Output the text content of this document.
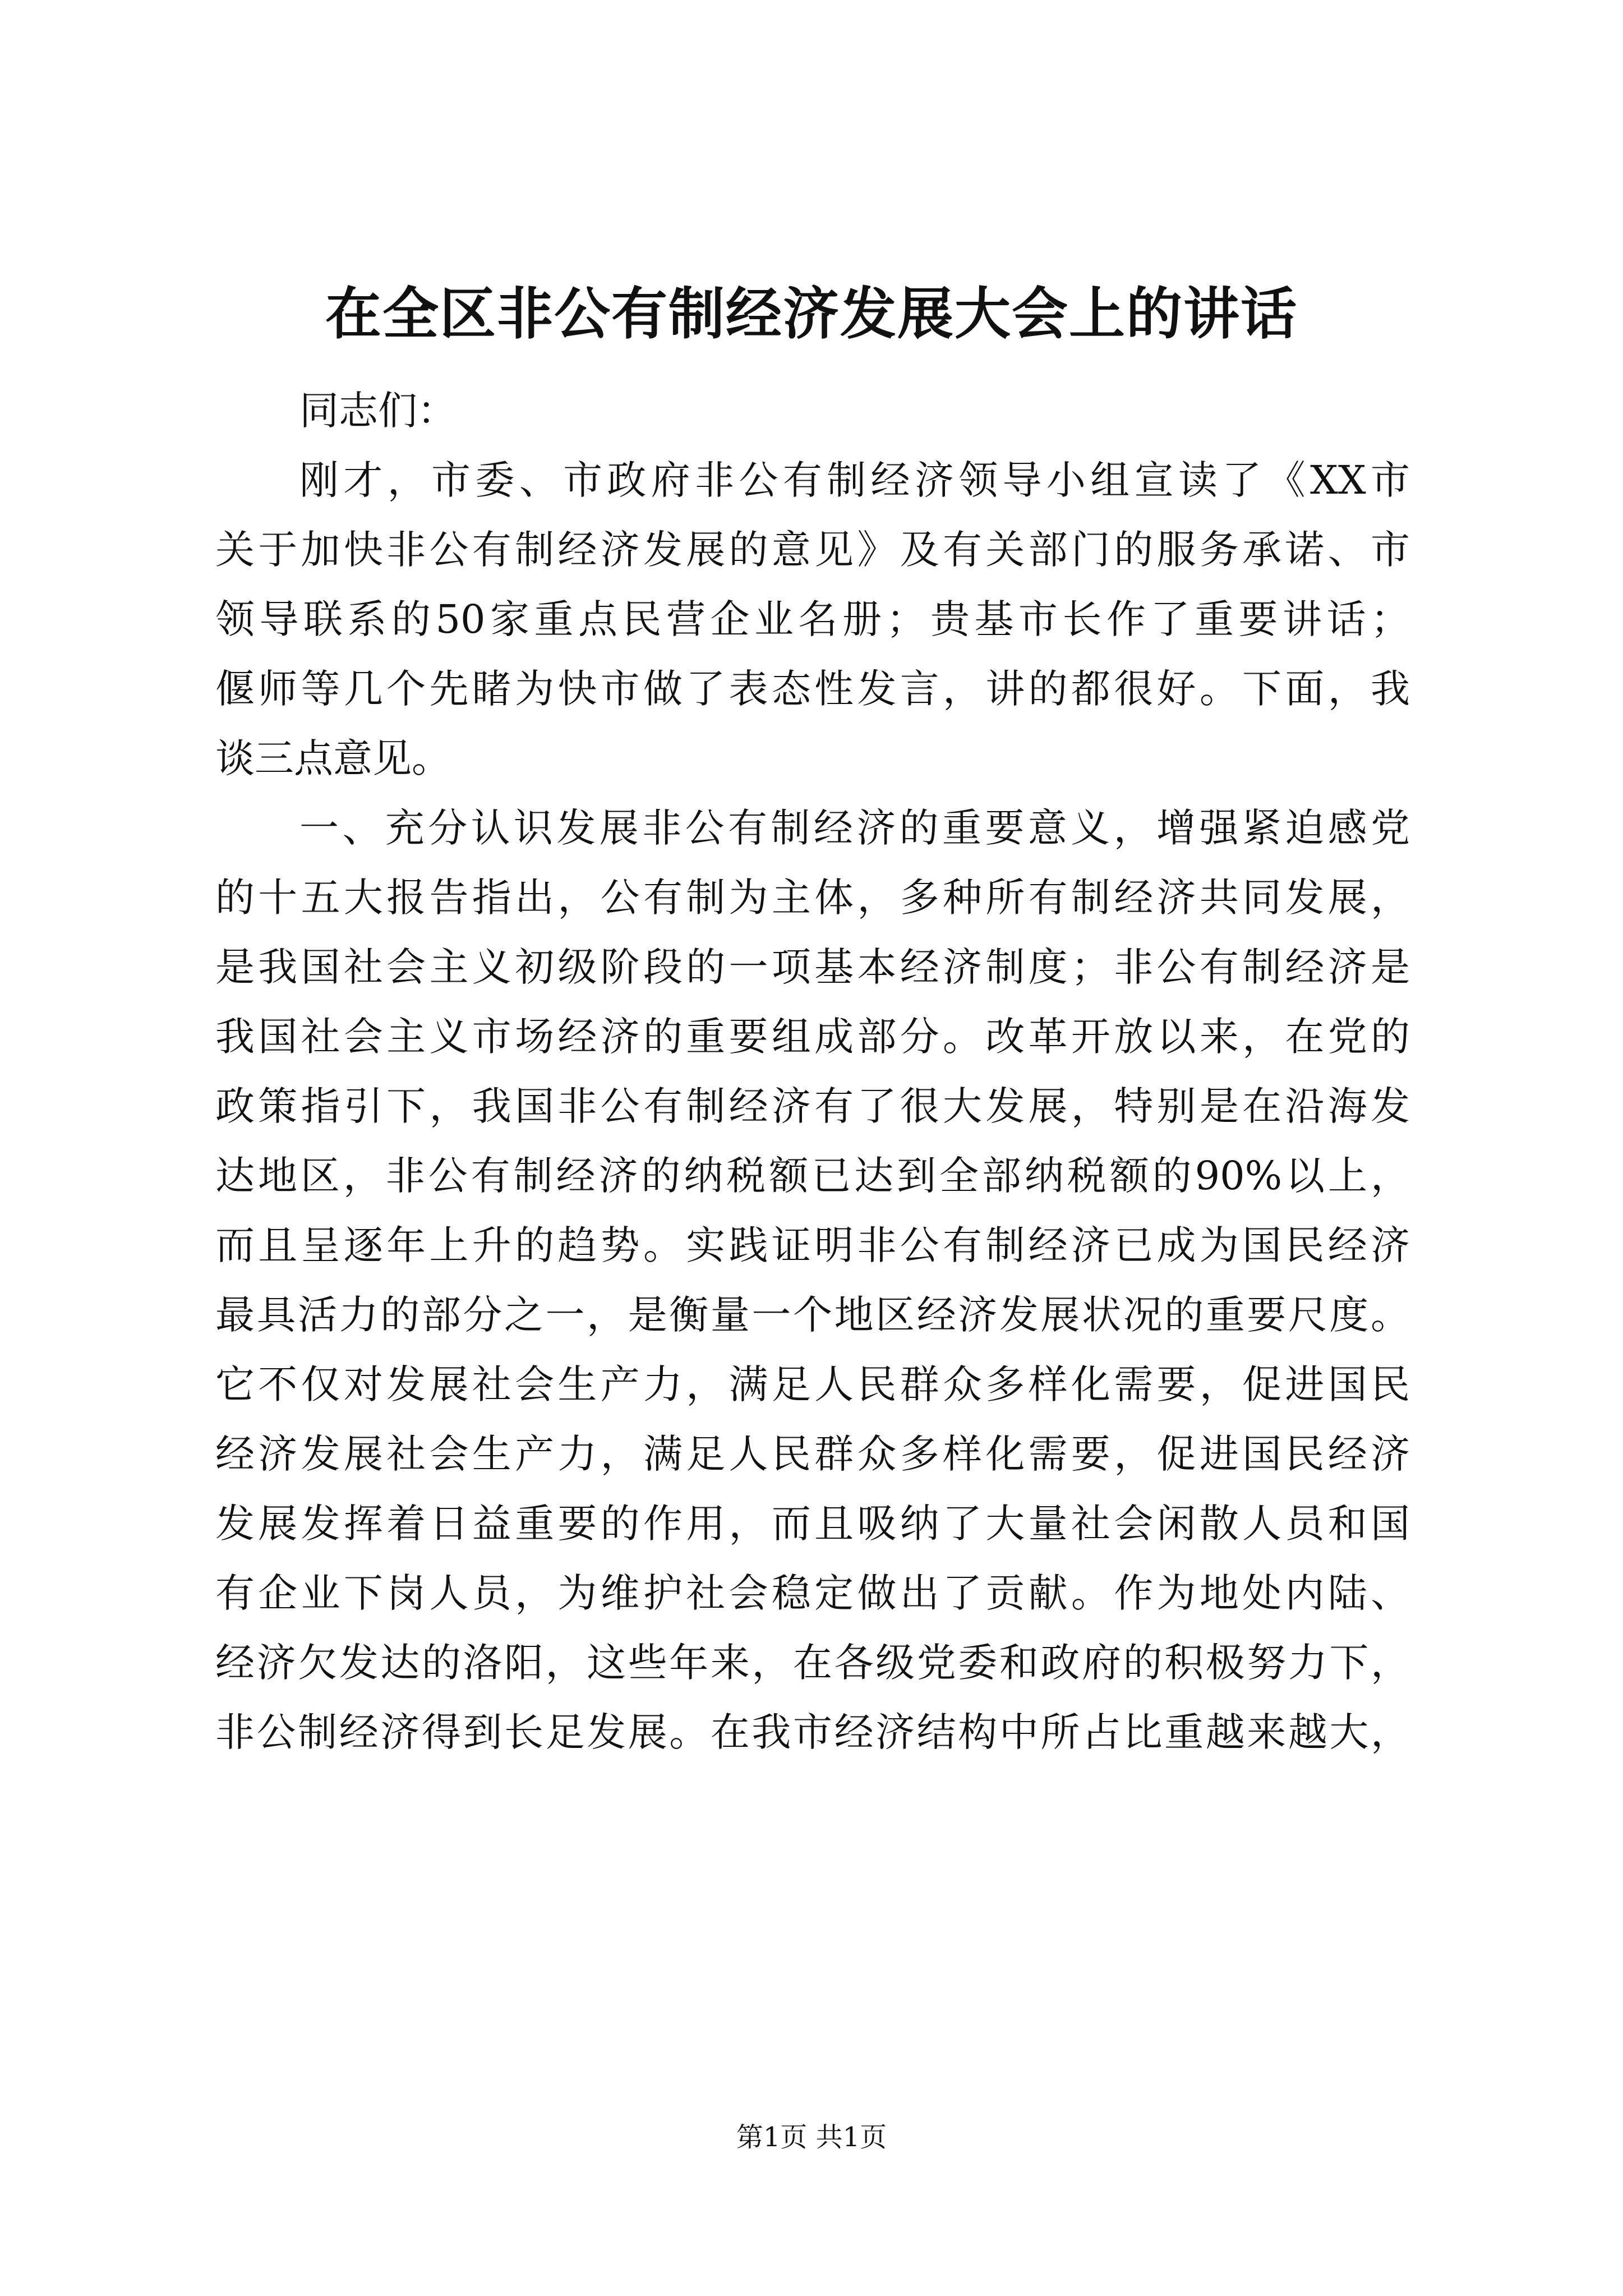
在全区非公有制经济发展大会上的讲话
同志们：
刚才，市委、市政府非公有制经济领导小组宣读了《XX市
关于加快非公有制经济发展的意见》及有关部门的服务承诺、市
领导联系的50家重点民营企业名册；贵基市长作了重要讲话；
偃师等几个先睹为快市做了表态性发言，讲的都很好。下面，我
谈三点意见。
一、充分认识发展非公有制经济的重要意义，增强紧迫感党
的十五大报告指出，公有制为主体，多种所有制经济共同发展，
是我国社会主义初级阶段的一项基本经济制度；非公有制经济是
我国社会主义市场经济的重要组成部分。改革开放以来，在党的
政策指引下，我国非公有制经济有了很大发展，特别是在沿海发
达地区，非公有制经济的纳税额已达到全部纳税额的90%以上，
而且呈逐年上升的趋势。实践证明非公有制经济已成为国民经济
最具活力的部分之一，是衡量一个地区经济发展状况的重要尺度。
它不仅对发展社会生产力，满足人民群众多样化需要，促进国民
经济发展社会生产力，满足人民群众多样化需要，促进国民经济
发展发挥着日益重要的作用，而且吸纳了大量社会闲散人员和国
有企业下岗人员，为维护社会稳定做出了贡献。作为地处内陆、
经济欠发达的洛阳，这些年来，在各级党委和政府的积极努力下，
非公制经济得到长足发展。在我市经济结构中所占比重越来越大，
第1页 共1页
